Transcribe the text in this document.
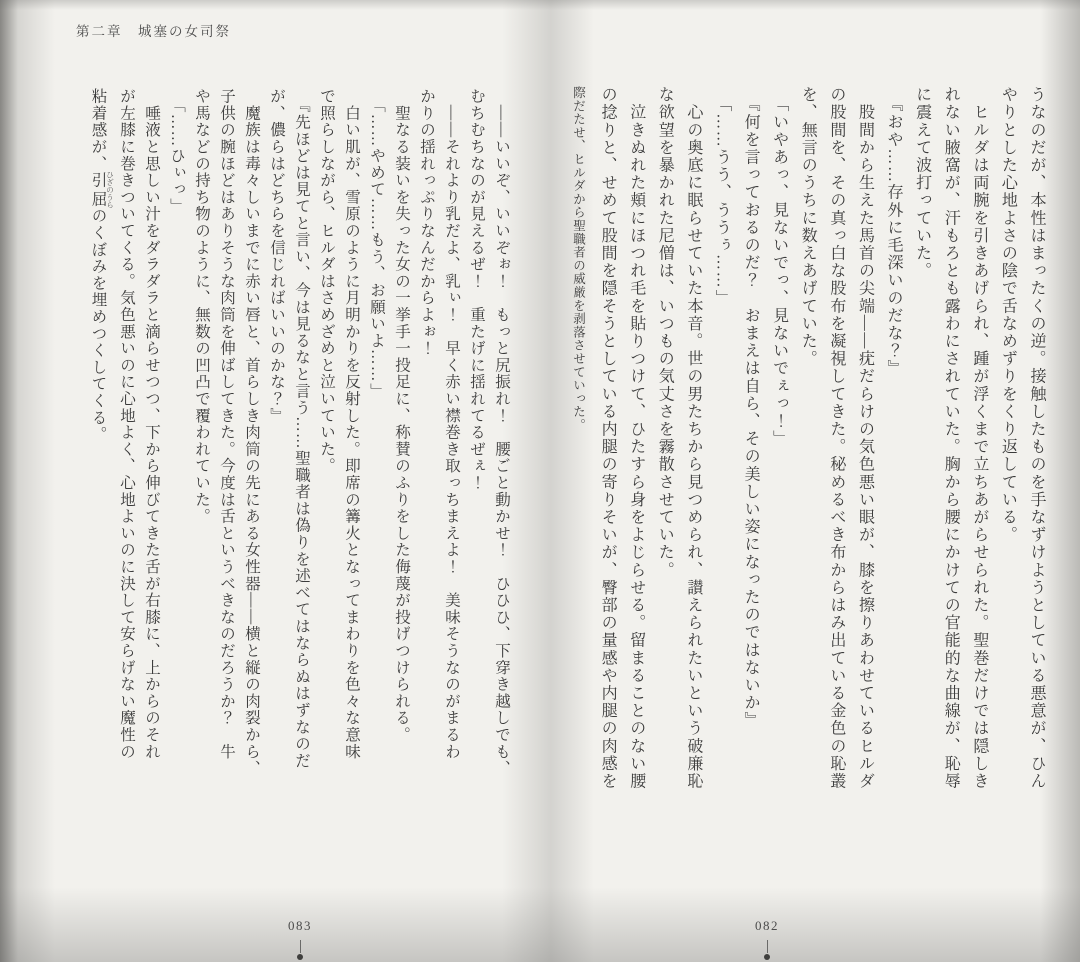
第二章　城塞の女司祭

　――いいぞ、いいぞぉ！　もっと尻振れ！　腰ごと動かせ！　ひひひ、下穿き越しでも、

むちむちなのが見えるぜ！　重たげに揺れてるぜぇ！

　――それより乳だよ、乳ぃ！　早く赤い襟巻き取っちまえよ！　美味そうなのがまるわ

かりの揺れっぷりなんだからよぉ！

　聖なる装いを失った女の一挙手一投足に、称賛のふりをした侮蔑が投げつけられる。

　「……やめて……もう、お願いよ……」

　白い肌が、雪原のように月明かりを反射した。即席の篝火となってまわりを色々な意味

で照らしながら、ヒルダはさめざめと泣いていた。

　『先ほどは見てと言い、今は見るなと言う……聖職者は偽りを述べてはならぬはずなのだ

が、儂らはどちらを信じればいいのかな？』

　魔族は毒々しいまでに赤い唇と、首らしき肉筒の先にある女性器――横と縦の肉裂から、

子供の腕ほどはありそうな肉筒を伸ばしてきた。今度は舌というべきなのだろうか？　牛

や馬などの持ち物のように、無数の凹凸で覆われていた。

　「……ひぃっ」

　唾液と思しい汁をダラダラと滴らせつつ、下から伸びてきた舌が右膝に、上からのそれ

が左膝に巻きついてくる。気色悪いのに心地よく、心地よいのに決して安らげない魔性の

粘着感が、引屈 ひざのうらのくぼみを埋めつくしてくる。

083

うなのだが、本性はまったくの逆。接触したものを手なずけようとしている悪意が、ひん

やりとした心地よさの陰で舌なめずりをくり返している。

　ヒルダは両腕を引きあげられ、踵が浮くまで立ちあがらせられた。聖巻だけでは隠しき

れない腋窩が、汗もろとも露わにされていた。胸から腰にかけての官能的な曲線が、恥辱

に震えて波打っていた。

　『おや……存外に毛深いのだな？』

　股間から生えた馬首の尖端――疣だらけの気色悪い眼が、膝を擦りあわせているヒルダ

の股間を、その真っ白な股布を凝視してきた。秘めるべき布からはみ出ている金色の恥叢

を、無言のうちに数えあげていた。

　「いやあっ、見ないでっ、見ないでぇっ！」

　『何を言っておるのだ？　おまえは自ら、その美しい姿になったのではないか』

　「……うう、ううぅ……」

　心の奥底に眠らせていた本音。世の男たちから見つめられ、讃えられたいという破廉恥

な欲望を暴かれた尼僧は、いつもの気丈さを霧散させていた。

　泣きぬれた頬にほつれ毛を貼りつけて、ひたすら身をよじらせる。留まることのない腰

の捻りと、せめて股間を隠そうとしている内腿の寄りそいが、臀部の量感や内腿の肉感を

際だたせ、ヒルダから聖職者の威厳を剥落させていった。

082
